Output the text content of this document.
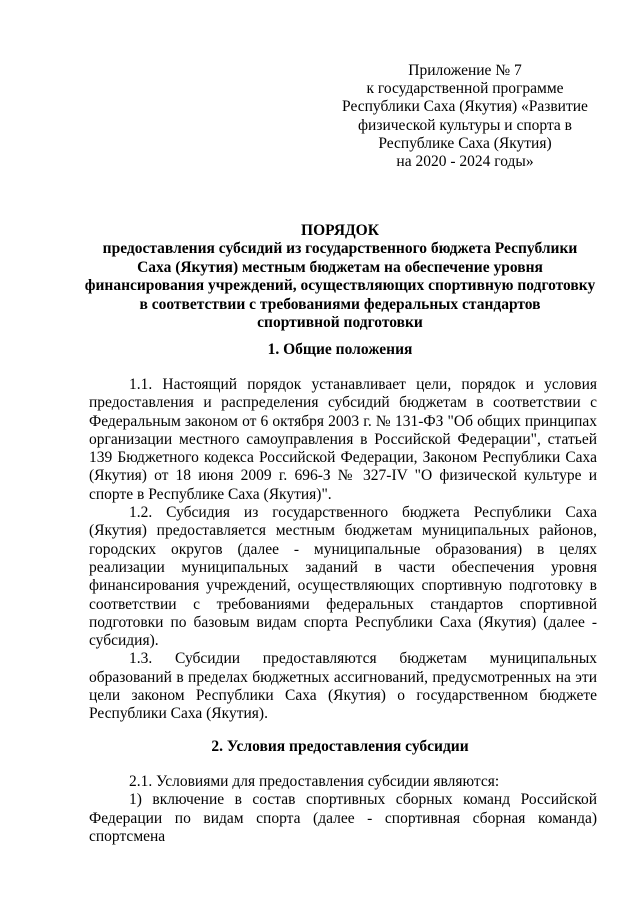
Приложение № 7
к государственной программе
Республики Саха (Якутия) «Развитие
физической культуры и спорта в
Республике Саха (Якутия)
на 2020 - 2024 годы»
ПОРЯДОК
предоставления субсидий из государственного бюджета Республики
Саха (Якутия) местным бюджетам на обеспечение уровня
финансирования учреждений, осуществляющих спортивную подготовку
в соответствии с требованиями федеральных стандартов
спортивной подготовки
1. Общие положения

1.1. Настоящий порядок устанавливает цели, порядок и условия предоставления и распределения субсидий бюджетам в соответствии с Федеральным законом от 6 октября 2003 г. № 131-ФЗ "Об общих принципах организации местного самоуправления в Российской Федерации", статьей 139 Бюджетного кодекса Российской Федерации, Законом Республики Саха (Якутия) от 18 июня 2009 г. 696-З № 327-IV "О физической культуре и спорте в Республике Саха (Якутия)".

1.2. Субсидия из государственного бюджета Республики Саха (Якутия) предоставляется местным бюджетам муниципальных районов, городских округов (далее - муниципальные образования) в целях реализации муниципальных заданий в части обеспечения уровня финансирования учреждений, осуществляющих спортивную подготовку в соответствии с требованиями федеральных стандартов спортивной подготовки по базовым видам спорта Республики Саха (Якутия) (далее - субсидия).

1.3. Субсидии предоставляются бюджетам муниципальных образований в пределах бюджетных ассигнований, предусмотренных на эти цели законом Республики Саха (Якутия) о государственном бюджете Республики Саха (Якутия).

2. Условия предоставления субсидии

2.1. Условиями для предоставления субсидии являются:

1) включение в состав спортивных сборных команд Российской Федерации по видам спорта (далее - спортивная сборная команда) спортсмена
